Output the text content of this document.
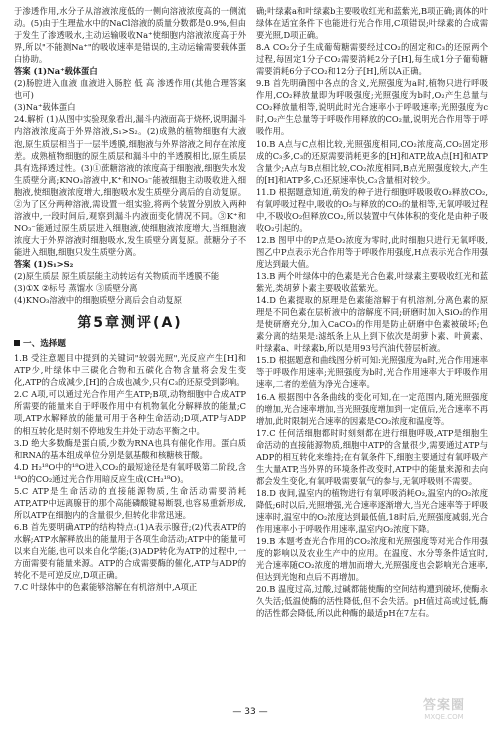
于渗透作用,水分子从溶液浓度低的一侧向溶液浓度高的一侧流动。(5)由于生理盐水中的NaCl溶液的质量分数都是0.9%,但由于发生了渗透吸水,主动运输吸收Na⁺使细胞内溶液浓度高于外界,所以"不能测Na⁺"的吸收速率是错误的,主动运输需要载体蛋白协助。

答案 (1)Na⁺载体蛋白

(2)肠腔进入血液 血液进入肠腔 低 高 渗透作用(其他合理答案也可)

(3)Na⁺载体蛋白

24.解析 (1)从图中实验现象看出,漏斗内液面高于烧杯,说明漏斗内溶液浓度高于外界溶液,S₁>S₂。(2)成熟的植物细胞有大液泡,原生质层相当于一层半透膜,细胞液与外界溶液之间存在浓度差。成熟植物细胞的原生质层和漏斗中的半透膜相比,原生质层具有选择透过性。(3)①蔗糖溶液的浓度高于细胞液,细胞失水发生质壁分离;KNO₃溶液中,K⁺和NO₃⁻能被细胞主动吸收进入细胞液,使细胞液浓度增大,细胞吸水发生质壁分离后的自动复原。②为了区分两种溶液,需设置一组实验,将两个装置分别放入两种溶液中,一段时间后,观察到漏斗内液面变化情况不同。③K⁺和NO₃⁻能通过原生质层进入细胞液,使细胞液浓度增大,当细胞液浓度大于外界溶液时细胞吸水,发生质壁分离复原。蔗糖分子不能进入细胞,细胞只发生质壁分离。

答案 (1)S₁>S₂

(2)原生质层 原生质层能主动转运有关物质而半透膜不能

(3)①X ②标号 蒸馏水 ③质壁分离

(4)KNO₃溶液中的细胞质壁分离后会自动复原

第5章测评(A)
一、选择题

1.B 受注意题目中提到的关键词"较弱光照",光反应产生[H]和ATP少,叶绿体中三碳化合物和五碳化合物含量将会发生变化,ATP的合成减少,[H]的合成也减少,只有C₃的还原受到影响。

2.C A项,可以通过光合作用产生ATP;B项,动物细胞中合成ATP所需要的能量来自于呼吸作用中有机物氧化分解释放的能量;C项,ATP水解释放的能量可用于各种生命活动;D项,ATP与ADP的相互转化是时刻不停地发生并处于动态平衡之中。

3.D 绝大多数酶是蛋白质,少数为RNA也具有催化作用。蛋白质和RNA的基本组成单位分别是氨基酸和核糖核苷酸。

4.D H₂¹⁸O中的¹⁸O进入CO₂的最短途径是有氧呼吸第二阶段,含¹⁸O的CO₂通过光合作用暗反应生成(CH₂¹⁸O)。

5.C ATP是生命活动的直接能源物质,生命活动需要消耗ATP,ATP中远离腺苷的那个高能磷酸键易断裂,也容易重新形成,所以ATP在细胞内的含量很少,但转化非常迅速。

6.B 首先要明确ATP的结构特点:(1)A表示腺苷;(2)代表ATP的水解;ATP水解释放出的能量用于各项生命活动;ATP中的能量可以来自光能,也可以来自化学能;(3)ADP转化为ATP的过程中,一方面需要有能量来源。ATP的合成需要酶的催化,ATP与ADP的转化不是可逆反应,D项正确。

7.C 叶绿体中的色素能够溶解在有机溶剂中,A项正

确;叶绿素a和叶绿素b主要吸收红光和蓝紫光,B项正确;离体的叶绿体在适宜条件下也能进行光合作用,C项错误;叶绿素的合成需要光照,D项正确。

8.A CO₂分子生成葡萄糖需要经过CO₂的固定和C₃的还原两个过程,每固定1分子CO₂需要消耗2分子[H],每生成1分子葡萄糖需要消耗6分子CO₂和12分子[H],所以A正确。

9.B 首先明确图中各点的含义,光照强度为a时,植物只进行呼吸作用,CO₂释放量即为呼吸强度;光照强度为b时,O₂产生总量与CO₂释放量相等,说明此时光合速率小于呼吸速率;光照强度为c时,O₂产生总量等于呼吸作用释放的CO₂量,说明光合作用等于呼吸作用。

10.B A点与C点相比较,光照强度相同,CO₂浓度高,CO₂固定形成的C₃多,C₃的还原需要消耗更多的[H]和ATP,故A点[H]和ATP含量少;A点与B点相比较,CO₂浓度相同,B点光照强度较大,产生的[H]和ATP多,C₃还原速率快,C₃含量相对较少。

11.D 根据题意知道,萌发的种子进行细胞呼吸吸收O₂释放CO₂,有氧呼吸过程中,吸收的O₂与释放的CO₂的量相等,无氧呼吸过程中,不吸收O₂但释放CO₂,所以装置中气体体积的变化是由种子吸收O₂引起的。

12.B 图甲中的P点是O₂浓度为零时,此时细胞只进行无氧呼吸,图乙中P点表示光合作用等于呼吸作用强度,H点表示光合作用强度达到最大值。

13.B 两个叶绿体中的色素是光合色素,叶绿素主要吸收红光和蓝紫光,类胡萝卜素主要吸收蓝紫光。

14.D 色素提取的原理是色素能溶解于有机溶剂,分离色素的原理是不同色素在层析液中的溶解度不同;研磨时加入SiO₂的作用是使研磨充分,加入CaCO₃的作用是防止研磨中色素被破坏;色素分离的结果是:滤纸条上从上到下依次是胡萝卜素、叶黄素、叶绿素a、叶绿素b,所以是用93号汽油代替层析液。

15.D 根据题意和曲线图分析可知:光照强度为a时,光合作用速率等于呼吸作用速率;光照强度为b时,光合作用速率大于呼吸作用速率,二者的差值为净光合速率。

16.A 根据图中各条曲线的变化可知,在一定范围内,随光照强度的增加,光合速率增加,当光照强度增加到一定值后,光合速率不再增加,此时限制光合速率的因素是CO₂浓度和温度等。

17.C 任何活细胞都时时刻刻都在进行细胞呼吸,ATP是细胞生命活动的直接能源物质,细胞中ATP的含量很少,需要通过ATP与ADP的相互转化来维持;在有氧条件下,细胞主要通过有氧呼吸产生大量ATP,当外界的环境条件改变时,ATP中的能量来源和去向都会发生变化,有氧呼吸需要氧气的参与,无氧呼吸则不需要。

18.D 夜间,温室内的植物进行有氧呼吸消耗O₂,温室内的O₂浓度降低;6时以后,光照增强,光合速率逐渐增大,当光合速率等于呼吸速率时,温室中的O₂浓度达到最低值,18时后,光照强度减弱,光合作用速率小于呼吸作用速率,温室内O₂浓度下降。

19.B 本题考查光合作用的CO₂浓度和光照强度等对光合作用强度的影响以及农业生产中的应用。在温度、水分等条件适宜时,光合速率随CO₂浓度的增加而增大,光照强度也会影响光合速率,但达到光饱和点后不再增加。

20.B 温度过高,过酸,过碱都能使酶的空间结构遭到破坏,使酶永久失活;低温使酶的活性降低,但不会失活。pH值过高或过低,酶的活性都会降低,所以此种酶的最适pH在7左右。

— 33 —	答案圈
MXQE.COM
